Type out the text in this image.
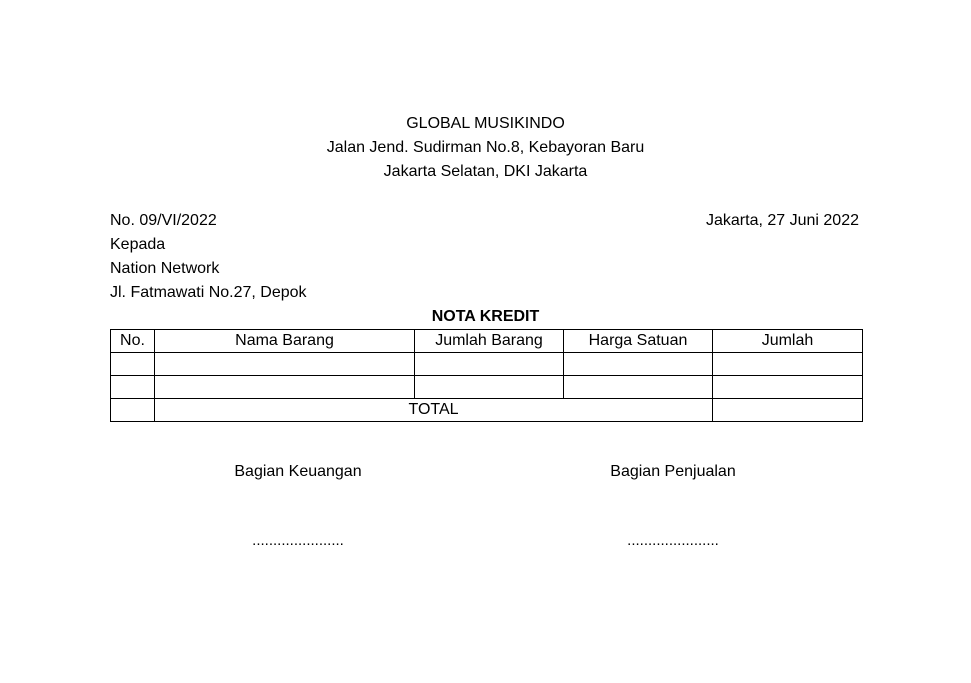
GLOBAL MUSIKINDO
Jalan Jend. Sudirman No.8, Kebayoran Baru
Jakarta Selatan, DKI Jakarta
No. 09/VI/2022	Jakarta, 27 Juni 2022
Kepada
Nation Network
Jl. Fatmawati No.27, Depok
NOTA KREDIT
No.	Nama Barang	Jumlah Barang	Harga Satuan	Jumlah

	TOTAL			
Bagian Keuangan	Bagian Penjualan
......................	......................
